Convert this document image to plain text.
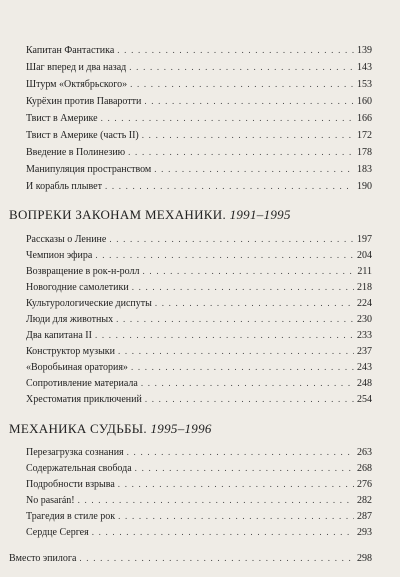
Капитан Фантастика . . .	139
Шаг вперед и два назад . . .	143
Штурм «Октябрьского» . . .	153
Курёхин против Паваротти . . .	160
Твист в Америке . . .	166
Твист в Америке (часть II) . . .	172
Введение в Полинезию . . .	178
Манипуляция пространством . . .	183
И корабль плывет . . .	190
ВОПРЕКИ ЗАКОНАМ МЕХАНИКИ. 1991–1995
Рассказы о Ленине . . .	197
Чемпион эфира . . .	204
Возвращение в рок-н-ролл . . .	211
Новогодние самолетики . . .	218
Культурологические диспуты . . .	224
Люди для животных . . .	230
Два капитана II . . .	233
Конструктор музыки . . .	237
«Воробьиная оратория» . . .	243
Сопротивление материала . . .	248
Хрестоматия приключений . . .	254
МЕХАНИКА СУДЬБЫ. 1995–1996
Перезагрузка сознания . . .	263
Содержательная свобода . . .	268
Подробности взрыва . . .	276
No pasarán! . . .	282
Трагедия в стиле рок . . .	287
Сердце Сергея . . .	293
Вместо эпилога . . .	298
